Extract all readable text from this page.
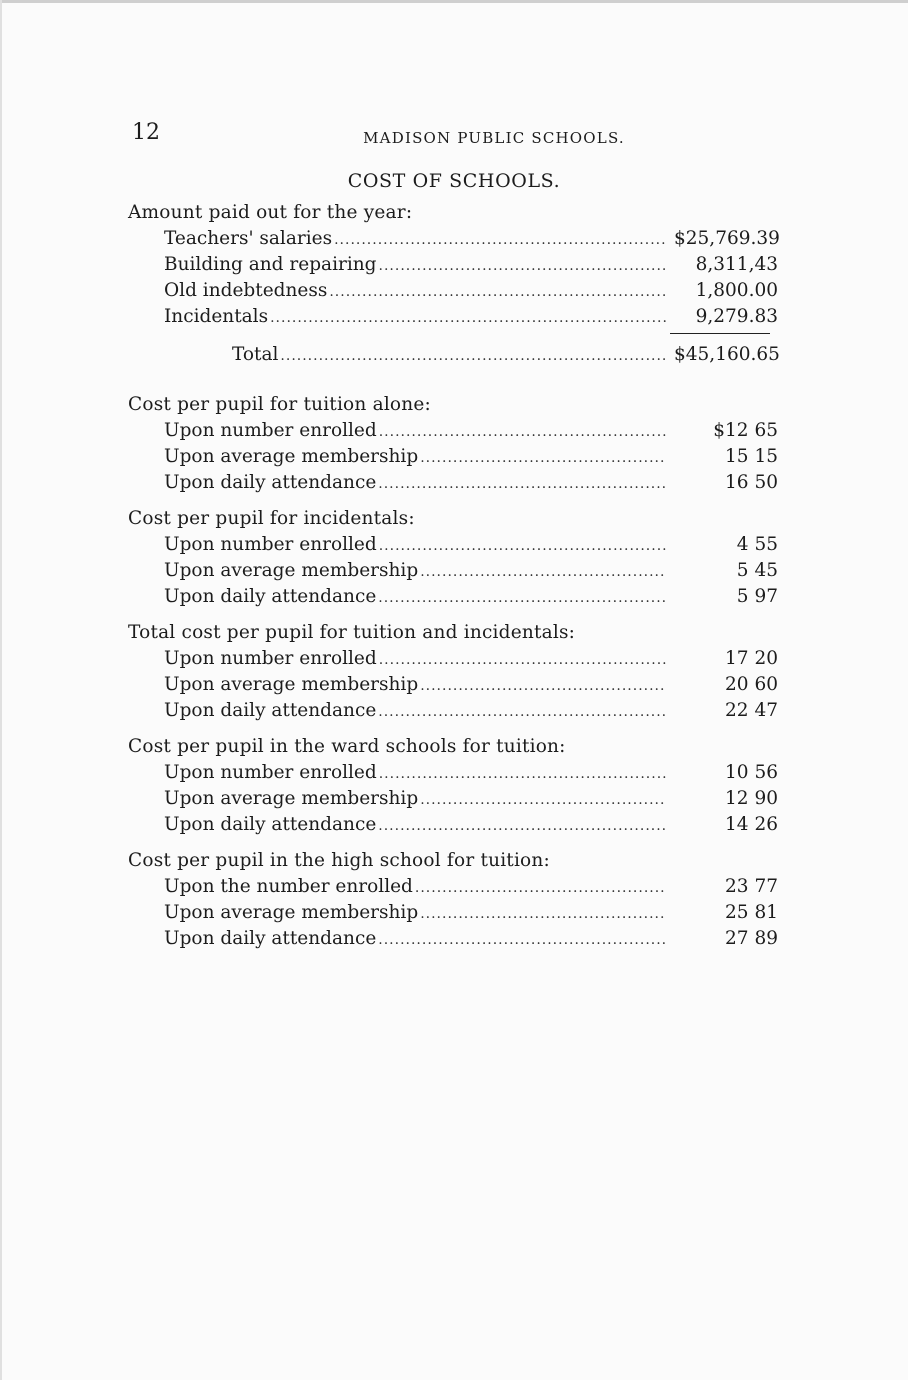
12	MADISON PUBLIC SCHOOLS.
COST OF SCHOOLS.
Amount paid out for the year:
Teachers' salaries .....	$25,769.39
Building and repairing .....	8,311,43
Old indebtedness .....	1,800.00
Incidentals .....	9,279.83
Total .....	$45,160.65
Cost per pupil for tuition alone:
Upon number enrolled .....	$12 65
Upon average membership .....	15 15
Upon daily attendance .....	16 50
Cost per pupil for incidentals:
Upon number enrolled .....	4 55
Upon average membership .....	5 45
Upon daily attendance .....	5 97
Total cost per pupil for tuition and incidentals:
Upon number enrolled .....	17 20
Upon average membership .....	20 60
Upon daily attendance .....	22 47
Cost per pupil in the ward schools for tuition:
Upon number enrolled .....	10 56
Upon average membership .....	12 90
Upon daily attendance .....	14 26
Cost per pupil in the high school for tuition:
Upon the number enrolled .....	23 77
Upon average membership .....	25 81
Upon daily attendance .....	27 89
